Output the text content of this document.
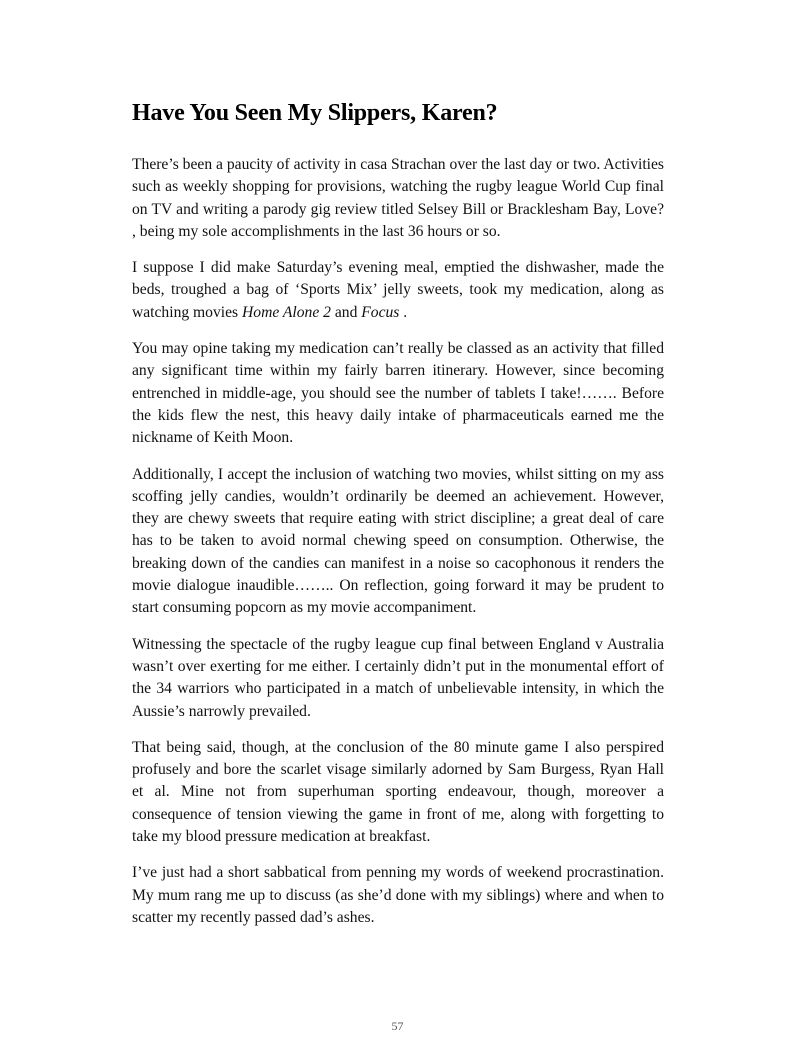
Have You Seen My Slippers, Karen?

There’s been a paucity of activity in casa Strachan over the last day or two. Activities such as weekly shopping for provisions, watching the rugby league World Cup final on TV and writing a parody gig review titled Selsey Bill or Bracklesham Bay, Love? , being my sole accomplishments in the last 36 hours or so.

I suppose I did make Saturday’s evening meal, emptied the dishwasher, made the beds, troughed a bag of ‘Sports Mix’ jelly sweets, took my medication, along as watching movies Home Alone 2 and Focus .

You may opine taking my medication can’t really be classed as an activity that filled any significant time within my fairly barren itinerary. However, since becoming entrenched in middle-age, you should see the number of tablets I take!……. Before the kids flew the nest, this heavy daily intake of pharmaceuticals earned me the nickname of Keith Moon.

Additionally, I accept the inclusion of watching two movies, whilst sitting on my ass scoffing jelly candies, wouldn’t ordinarily be deemed an achievement. However, they are chewy sweets that require eating with strict discipline; a great deal of care has to be taken to avoid normal chewing speed on consumption. Otherwise, the breaking down of the candies can manifest in a noise so cacophonous it renders the movie dialogue inaudible…….. On reflection, going forward it may be prudent to start consuming popcorn as my movie accompaniment.

Witnessing the spectacle of the rugby league cup final between England v Australia wasn’t over exerting for me either. I certainly didn’t put in the monumental effort of the 34 warriors who participated in a match of unbelievable intensity, in which the Aussie’s narrowly prevailed.

That being said, though, at the conclusion of the 80 minute game I also perspired profusely and bore the scarlet visage similarly adorned by Sam Burgess, Ryan Hall et al. Mine not from superhuman sporting endeavour, though, moreover a consequence of tension viewing the game in front of me, along with forgetting to take my blood pressure medication at breakfast.

I’ve just had a short sabbatical from penning my words of weekend procrastination. My mum rang me up to discuss (as she’d done with my siblings) where and when to scatter my recently passed dad’s ashes.

57
